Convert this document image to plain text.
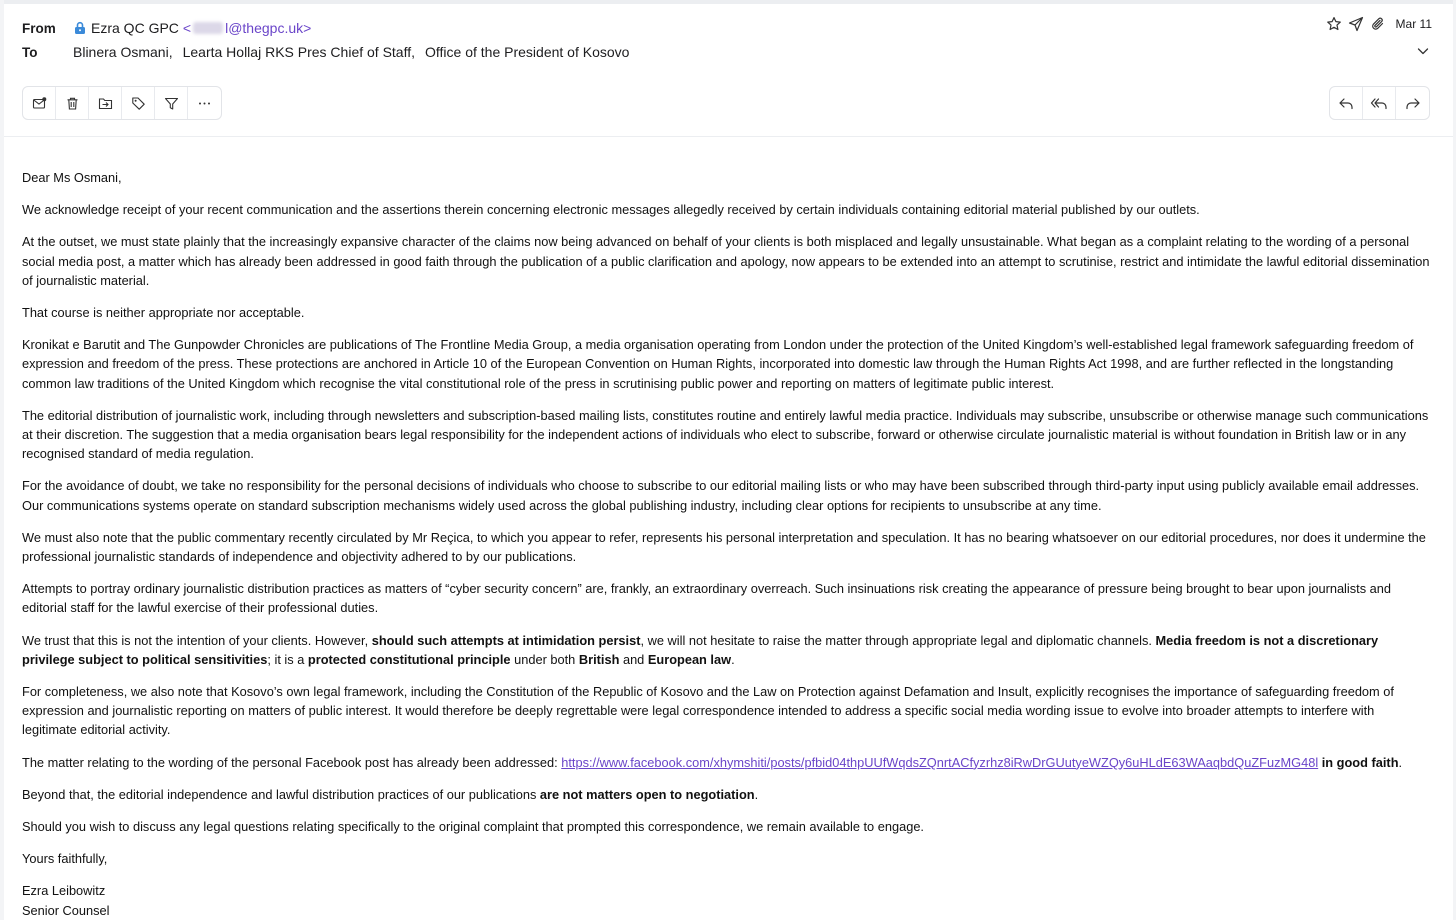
From	Ezra QC GPC < l@thegpc.uk>
To	Blinera Osmani, Learta Hollaj RKS Pres Chief of Staff, Office of the President of Kosovo
Mar 11

Dear Ms Osmani,

We acknowledge receipt of your recent communication and the assertions therein concerning electronic messages allegedly received by certain individuals containing editorial material published by our outlets.

At the outset, we must state plainly that the increasingly expansive character of the claims now being advanced on behalf of your clients is both misplaced and legally unsustainable. What began as a complaint relating to the wording of a personal social media post, a matter which has already been addressed in good faith through the publication of a public clarification and apology, now appears to be extended into an attempt to scrutinise, restrict and intimidate the lawful editorial dissemination of journalistic material.

That course is neither appropriate nor acceptable.

Kronikat e Barutit and The Gunpowder Chronicles are publications of The Frontline Media Group, a media organisation operating from London under the protection of the United Kingdom’s well-established legal framework safeguarding freedom of expression and freedom of the press. These protections are anchored in Article 10 of the European Convention on Human Rights, incorporated into domestic law through the Human Rights Act 1998, and are further reflected in the longstanding common law traditions of the United Kingdom which recognise the vital constitutional role of the press in scrutinising public power and reporting on matters of legitimate public interest.

The editorial distribution of journalistic work, including through newsletters and subscription-based mailing lists, constitutes routine and entirely lawful media practice. Individuals may subscribe, unsubscribe or otherwise manage such communications at their discretion. The suggestion that a media organisation bears legal responsibility for the independent actions of individuals who elect to subscribe, forward or otherwise circulate journalistic material is without foundation in British law or in any recognised standard of media regulation.

For the avoidance of doubt, we take no responsibility for the personal decisions of individuals who choose to subscribe to our editorial mailing lists or who may have been subscribed through third-party input using publicly available email addresses. Our communications systems operate on standard subscription mechanisms widely used across the global publishing industry, including clear options for recipients to unsubscribe at any time.

We must also note that the public commentary recently circulated by Mr Reçica, to which you appear to refer, represents his personal interpretation and speculation. It has no bearing whatsoever on our editorial procedures, nor does it undermine the professional journalistic standards of independence and objectivity adhered to by our publications.

Attempts to portray ordinary journalistic distribution practices as matters of “cyber security concern” are, frankly, an extraordinary overreach. Such insinuations risk creating the appearance of pressure being brought to bear upon journalists and editorial staff for the lawful exercise of their professional duties.

We trust that this is not the intention of your clients. However, should such attempts at intimidation persist, we will not hesitate to raise the matter through appropriate legal and diplomatic channels. Media freedom is not a discretionary privilege subject to political sensitivities; it is a protected constitutional principle under both British and European law.

For completeness, we also note that Kosovo’s own legal framework, including the Constitution of the Republic of Kosovo and the Law on Protection against Defamation and Insult, explicitly recognises the importance of safeguarding freedom of expression and journalistic reporting on matters of public interest. It would therefore be deeply regrettable were legal correspondence intended to address a specific social media wording issue to evolve into broader attempts to interfere with legitimate editorial activity.

The matter relating to the wording of the personal Facebook post has already been addressed: https://www.facebook.com/xhymshiti/posts/pfbid04thpUUfWqdsZQnrtACfyzrhz8iRwDrGUutyeWZQy6uHLdE63WAaqbdQuZFuzMG48l in good faith.

Beyond that, the editorial independence and lawful distribution practices of our publications are not matters open to negotiation.

Should you wish to discuss any legal questions relating specifically to the original complaint that prompted this correspondence, we remain available to engage.

Yours faithfully,

Ezra Leibowitz

Senior Counsel
